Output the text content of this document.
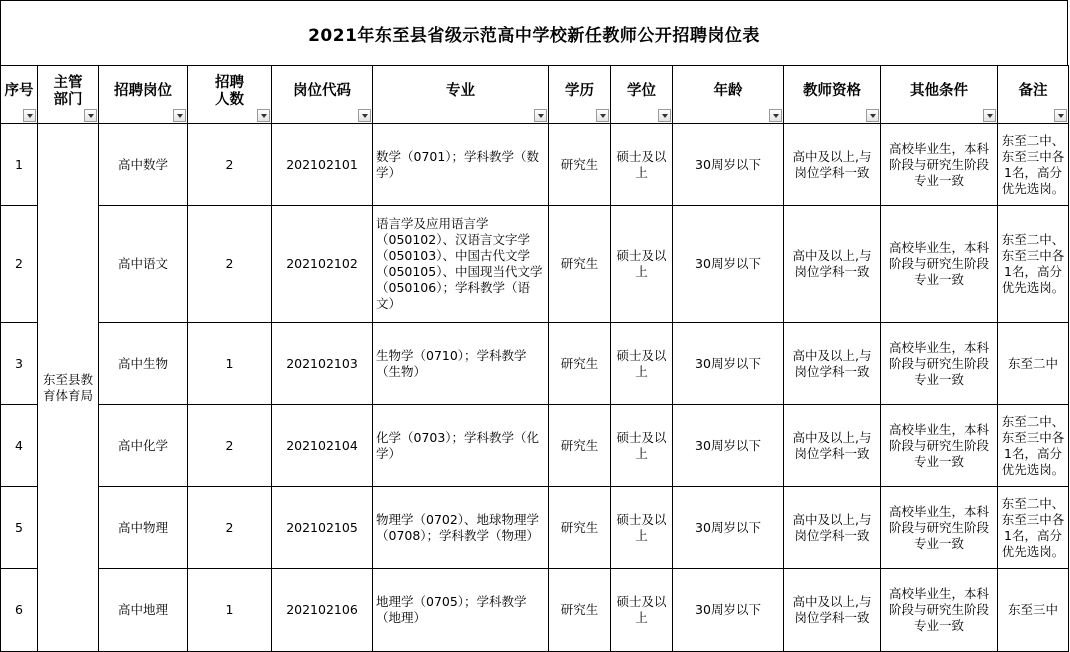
2021年东至县省级示范高中学校新任教师公开招聘岗位表
序号	主管部门	招聘岗位	招聘人数	岗位代码	专业	学历	学位	年龄	教师资格	其他条件	备注

1	东至县教育体育局	高中数学	2	202102101	数学（0701）；学科教学（数学）	研究生	硕士及以上	30周岁以下	高中及以上,与岗位学科一致	高校毕业生，本科阶段与研究生阶段专业一致	东至二中、东至三中各1名，高分优先选岗。
2		高中语文	2	202102102	语言学及应用语言学（050102）、汉语言文字学（050103）、中国古代文学（050105）、中国现当代文学（050106）；学科教学（语文）	研究生	硕士及以上	30周岁以下	高中及以上,与岗位学科一致	高校毕业生，本科阶段与研究生阶段专业一致	东至二中、东至三中各1名，高分优先选岗。
3		高中生物	1	202102103	生物学（0710）；学科教学（生物）	研究生	硕士及以上	30周岁以下	高中及以上,与岗位学科一致	高校毕业生，本科阶段与研究生阶段专业一致	东至二中
4		高中化学	2	202102104	化学（0703）；学科教学（化学）	研究生	硕士及以上	30周岁以下	高中及以上,与岗位学科一致	高校毕业生，本科阶段与研究生阶段专业一致	东至二中、东至三中各1名，高分优先选岗。
5		高中物理	2	202102105	物理学（0702）、地球物理学（0708）；学科教学（物理）	研究生	硕士及以上	30周岁以下	高中及以上,与岗位学科一致	高校毕业生，本科阶段与研究生阶段专业一致	东至二中、东至三中各1名，高分优先选岗。
6		高中地理	1	202102106	地理学（0705）；学科教学（地理）	研究生	硕士及以上	30周岁以下	高中及以上,与岗位学科一致	高校毕业生，本科阶段与研究生阶段专业一致	东至三中
